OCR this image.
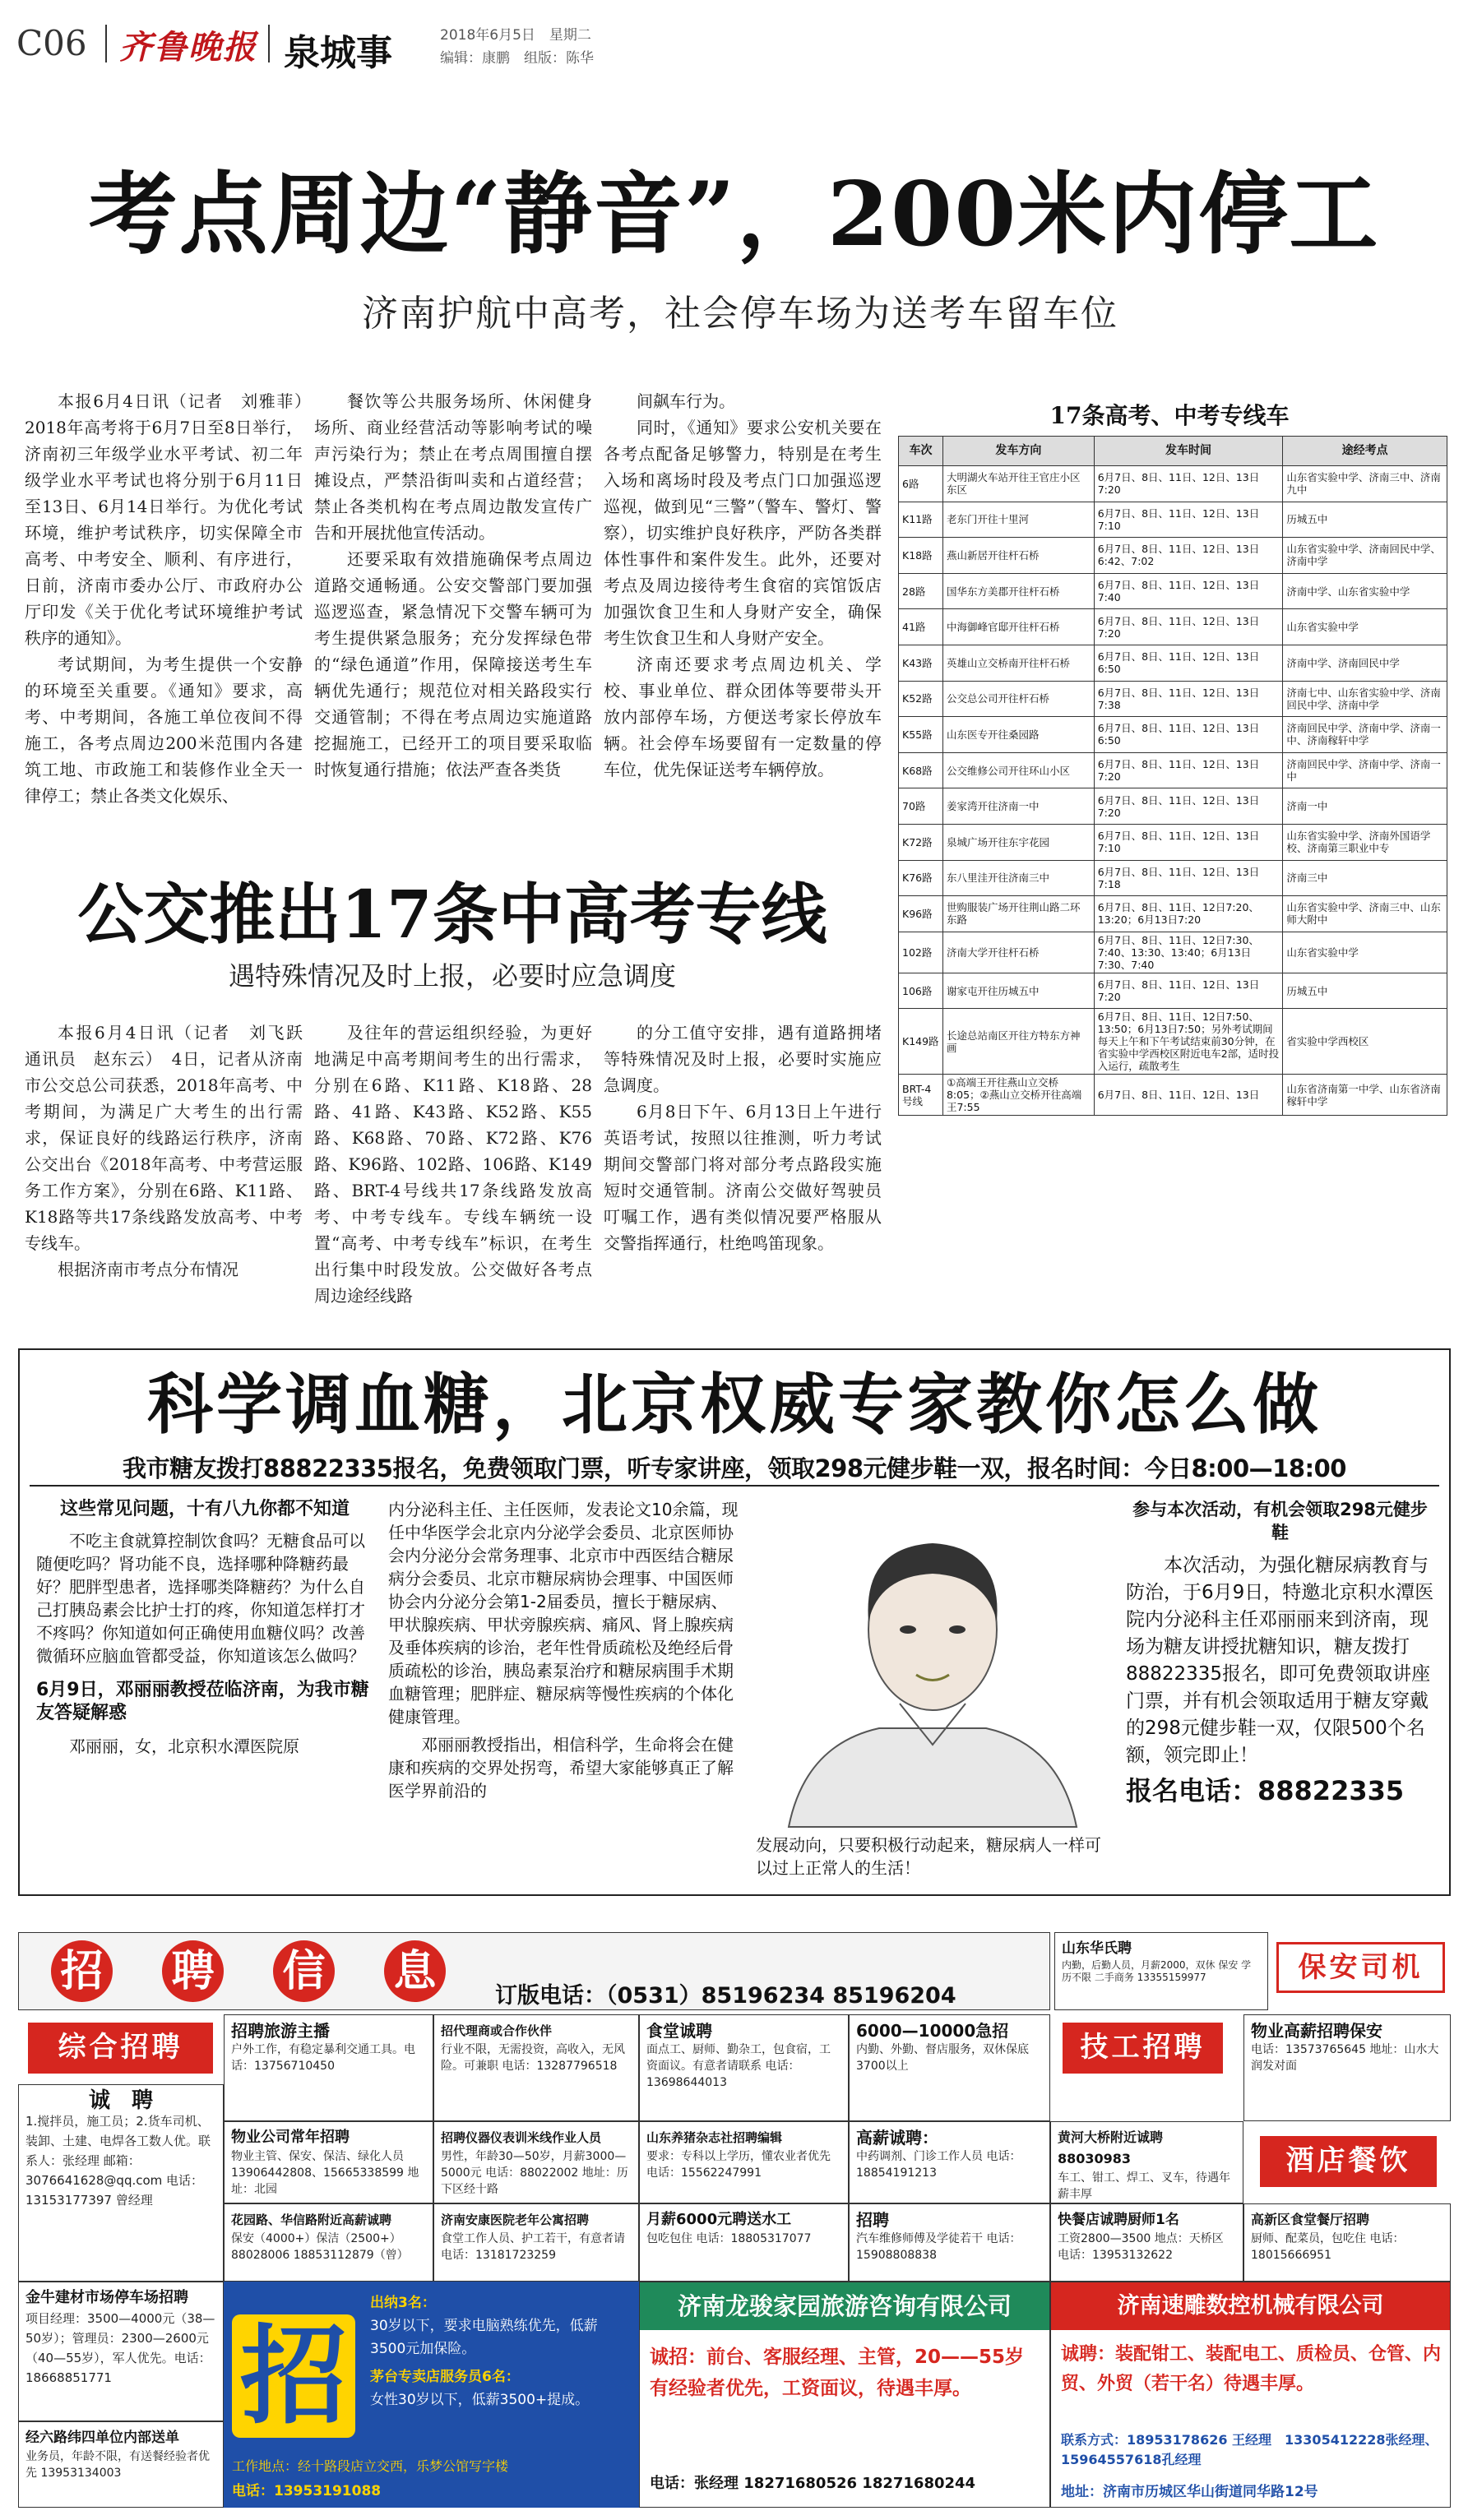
C06 齐鲁晚报 泉城事	2018年6月5日　星期二
编辑：康鹏　组版：陈华
考点周边“静音”，200米内停工
济南护航中高考，社会停车场为送考车留车位

本报6月4日讯（记者　刘雅菲）　2018年高考将于6月7日至8日举行，济南初三年级学业水平考试、初二年级学业水平考试也将分别于6月11日至13日、6月14日举行。为优化考试环境，维护考试秩序，切实保障全市高考、中考安全、顺利、有序进行，日前，济南市委办公厅、市政府办公厅印发《关于优化考试环境维护考试秩序的通知》。

考试期间，为考生提供一个安静的环境至关重要。《通知》要求，高考、中考期间，各施工单位夜间不得施工，各考点周边200米范围内各建筑工地、市政施工和装修作业全天一律停工；禁止各类文化娱乐、

餐饮等公共服务场所、休闲健身场所、商业经营活动等影响考试的噪声污染行为；禁止在考点周围擅自摆摊设点，严禁沿街叫卖和占道经营；禁止各类机构在考点周边散发宣传广告和开展扰他宣传活动。

还要采取有效措施确保考点周边道路交通畅通。公安交警部门要加强巡逻巡查，紧急情况下交警车辆可为考生提供紧急服务；充分发挥绿色带的“绿色通道”作用，保障接送考生车辆优先通行；规范位对相关路段实行交通管制；不得在考点周边实施道路挖掘施工，已经开工的项目要采取临时恢复通行措施；依法严查各类货

间飙车行为。

同时，《通知》要求公安机关要在各考点配备足够警力，特别是在考生入场和离场时段及考点门口加强巡逻巡视，做到见“三警”（警车、警灯、警察），切实维护良好秩序，严防各类群体性事件和案件发生。此外，还要对考点及周边接待考生食宿的宾馆饭店加强饮食卫生和人身财产安全，确保考生饮食卫生和人身财产安全。

济南还要求考点周边机关、学校、事业单位、群众团体等要带头开放内部停车场，方便送考家长停放车辆。社会停车场要留有一定数量的停车位，优先保证送考车辆停放。

公交推出17条中高考专线
遇特殊情况及时上报，必要时应急调度

本报6月4日讯（记者　刘飞跃　通讯员　赵东云）　4日，记者从济南市公交总公司获悉，2018年高考、中考期间，为满足广大考生的出行需求，保证良好的线路运行秩序，济南公交出台《2018年高考、中考营运服务工作方案》，分别在6路、K11路、K18路等共17条线路发放高考、中考专线车。

根据济南市考点分布情况

及往年的营运组织经验，为更好地满足中高考期间考生的出行需求，分别在6路、K11路、K18路、28路、41路、K43路、K52路、K55路、K68路、70路、K72路、K76路、K96路、102路、106路、K149路、BRT-4号线共17条线路发放高考、中考专线车。专线车辆统一设置“高考、中考专线车”标识，在考生出行集中时段发放。公交做好各考点周边途经线路

的分工值守安排，遇有道路拥堵等特殊情况及时上报，必要时实施应急调度。

6月8日下午、6月13日上午进行英语考试，按照以往推测，听力考试期间交警部门将对部分考点路段实施短时交通管制。济南公交做好驾驶员叮嘱工作，遇有类似情况要严格服从交警指挥通行，杜绝鸣笛现象。

17条高考、中考专线车
车次	发车方向	发车时间	途经考点
6路	大明湖火车站开往王官庄小区东区	6月7日、8日、11日、12日、13日7:20	山东省实验中学、济南三中、济南九中
K11路	老东门开往十里河	6月7日、8日、11日、12日、13日7:10	历城五中
K18路	燕山新居开往杆石桥	6月7日、8日、11日、12日、13日6:42、7:02	山东省实验中学、济南回民中学、济南中学
28路	国华东方美郡开往杆石桥	6月7日、8日、11日、12日、13日7:40	济南中学、山东省实验中学
41路	中海御峰官邸开往杆石桥	6月7日、8日、11日、12日、13日7:20	山东省实验中学
K43路	英雄山立交桥南开往杆石桥	6月7日、8日、11日、12日、13日6:50	济南中学、济南回民中学
K52路	公交总公司开往杆石桥	6月7日、8日、11日、12日、13日7:38	济南七中、山东省实验中学、济南回民中学、济南中学
K55路	山东医专开往桑园路	6月7日、8日、11日、12日、13日6:50	济南回民中学、济南中学、济南一中、济南稼轩中学
K68路	公交维修公司开往环山小区	6月7日、8日、11日、12日、13日7:20	济南回民中学、济南中学、济南一中
70路	姜家湾开往济南一中	6月7日、8日、11日、12日、13日7:20	济南一中
K72路	泉城广场开往东宇花园	6月7日、8日、11日、12日、13日7:10	山东省实验中学、济南外国语学校、济南第三职业中专
K76路	东八里洼开往济南三中	6月7日、8日、11日、12日、13日7:18	济南三中
K96路	世购服装广场开往荆山路二环东路	6月7日、8日、11日、12日7:20、13:20；6月13日7:20	山东省实验中学、济南三中、山东师大附中
102路	济南大学开往杆石桥	6月7日、8日、11日、12日7:30、7:40、13:30、13:40；6月13日7:30、7:40	山东省实验中学
106路	谢家屯开往历城五中	6月7日、8日、11日、12日、13日7:20	历城五中
K149路	长途总站南区开往方特东方神画	6月7日、8日、11日、12日7:50、13:50；6月13日7:50；另外考试期间每天上午和下午考试结束前30分钟，在省实验中学西校区附近电车2部，适时投入运行，疏散考生	省实验中学西校区
BRT-4号线	①高端王开往燕山立交桥8:05；②燕山立交桥开往高端王7:55	6月7日、8日、11日、12日、13日	山东省济南第一中学、山东省济南稼轩中学
科学调血糖，北京权威专家教你怎么做
我市糖友拨打88822335报名，免费领取门票，听专家讲座，领取298元健步鞋一双，报名时间：今日8:00—18:00
这些常见问题，十有八九你都不知道
不吃主食就算控制饮食吗？无糖食品可以随便吃吗？肾功能不良，选择哪种降糖药最好？肥胖型患者，选择哪类降糖药？为什么自己打胰岛素会比护士打的疼，你知道怎样打才不疼吗？你知道如何正确使用血糖仪吗？改善微循环应脑血管都受益，你知道该怎么做吗？
6月9日，邓丽丽教授莅临济南，为我市糖友答疑解惑
邓丽丽，女，北京积水潭医院原
内分泌科主任、主任医师，发表论文10余篇，现任中华医学会北京内分泌学会委员、北京医师协会内分泌分会常务理事、北京市中西医结合糖尿病分会委员、北京市糖尿病协会理事、中国医师协会内分泌分会第1-2届委员，擅长于糖尿病、甲状腺疾病、甲状旁腺疾病、痛风、肾上腺疾病及垂体疾病的诊治，老年性骨质疏松及绝经后骨质疏松的诊治，胰岛素泵治疗和糖尿病围手术期血糖管理；肥胖症、糖尿病等慢性疾病的个体化健康管理。
邓丽丽教授指出，相信科学，生命将会在健康和疾病的交界处拐弯，希望大家能够真正了解医学界前沿的
发展动向，只要积极行动起来，糖尿病人一样可以过上正常人的生活！
参与本次活动，有机会领取298元健步鞋
本次活动，为强化糖尿病教育与防治，于6月9日，特邀北京积水潭医院内分泌科主任邓丽丽来到济南，现场为糖友讲授扰糖知识，糖友拨打88822335报名，即可免费领取讲座门票，并有机会领取适用于糖友穿戴的298元健步鞋一双，仅限500个名额，领完即止！
报名电话：88822335
招 聘 信 息	订版电话：（0531）85196234 85196204
山东华氏聘
内勤，后勤人员，月薪2000，双休 保安 学历不限 二手商务 13355159977	保安司机
综合招聘
诚　聘
1.搅拌员，施工员；2.货车司机、装卸、土建、电焊各工数人优。联系人：张经理 邮箱：3076641628@qq.com 电话：13153177397 曾经理
招聘旅游主播
户外工作，有稳定暴利交通工具。电话：13756710450
招代理商或合作伙伴
行业不限，无需投资，高收入，无风险。可兼职 电话：13287796518
食堂诚聘
面点工、厨师、勤杂工，包食宿，工资面议。有意者请联系 电话：13698644013
6000—10000急招
内勤、外勤、督店服务，双休保底3700以上
技工招聘	物业高薪招聘保安
电话：13573765645 地址：山水大润发对面
物业公司常年招聘
物业主管、保安、保洁、绿化人员 13906442808、15665338599 地址：北园
招聘仪器仪表训米线作业人员
男性，年龄30—50岁，月薪3000—5000元 电话：88022002 地址：历下区经十路
山东养猪杂志社招聘编辑
要求：专科以上学历，懂农业者优先 电话：15562247991
高薪诚聘：
中药调剂、门诊工作人员 电话：18854191213
黄河大桥附近诚聘88030983
车工、钳工、焊工、叉车，待遇年薪丰厚
酒店餐饮
花园路、华信路附近高薪诚聘
保安（4000+）保洁（2500+）88028006 18853112879（曾）
济南安康医院老年公寓招聘
食堂工作人员、护工若干，有意者请电话：13181723259
月薪6000元聘送水工
包吃包住 电话：18805317077
招聘
汽车维修师傅及学徒若干 电话：15908808838
快餐店诚聘厨师1名
工资2800—3500 地点：天桥区 电话：13953132622
高新区食堂餐厅招聘
厨师、配菜员，包吃住 电话：18015666951
金牛建材市场停车场招聘
项目经理：3500—4000元（38—50岁）；管理员：2300—2600元（40—55岁），军人优先。电话：18668851771
经六路纬四单位内部送单
业务员，年龄不限，有送餐经验者优先 13953134003
招
出纳3名：
30岁以下，要求电脑熟练优先，低薪3500元加保险。
茅台专卖店服务员6名：
女性30岁以下，低薪3500+提成。
工作地点：经十路段店立交西，乐梦公馆写字楼
电话：13953191088
济南龙骏家园旅游咨询有限公司
诚招：前台、客服经理、主管，20——55岁有经验者优先，工资面议，待遇丰厚。
电话：张经理 18271680526 18271680244
济南速雕数控机械有限公司
诚聘：装配钳工、装配电工、质检员、仓管、内贸、外贸（若干名）待遇丰厚。
联系方式：18953178626 王经理　13305412228张经理、15964557618孔经理
地址：济南市历城区华山街道同华路12号
